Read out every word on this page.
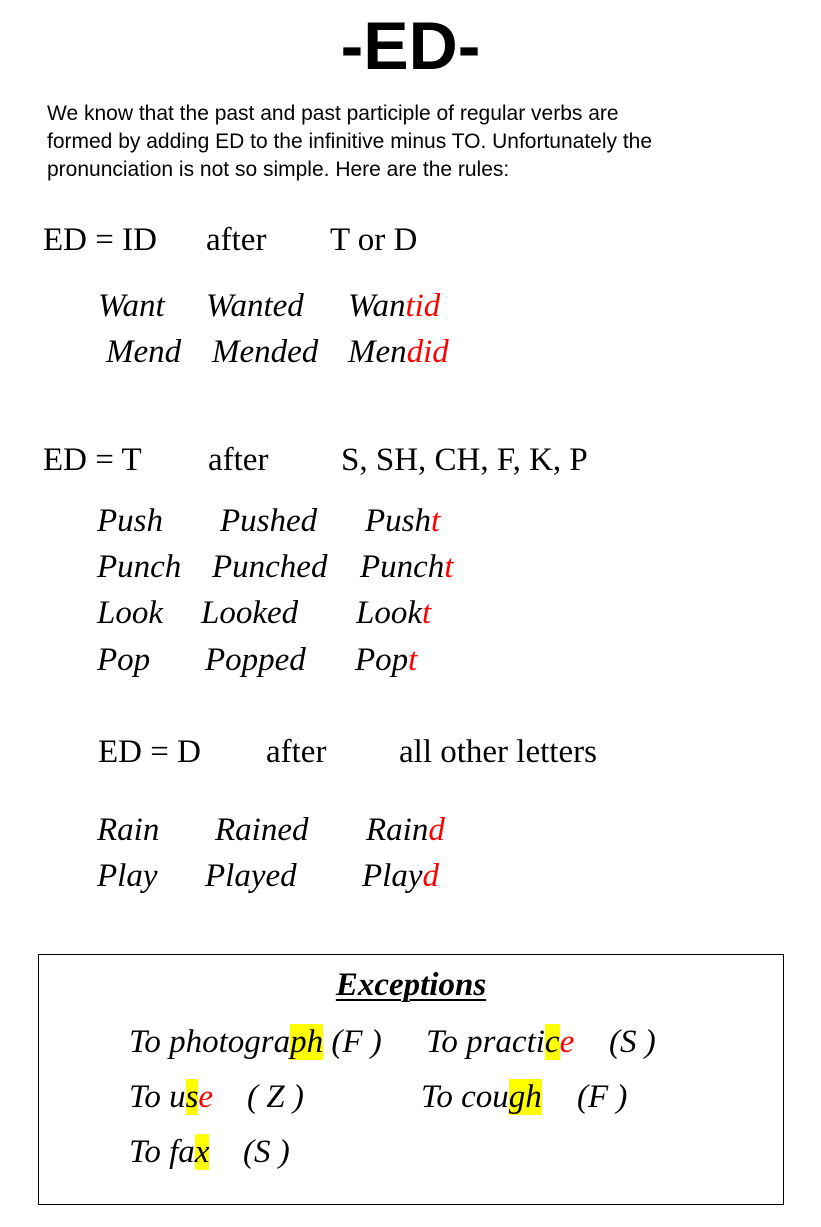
-ED-
We know that the past and past participle of regular verbs are
formed by adding ED to the infinitive minus TO. Unfortunately the
pronunciation is not so simple. Here are the rules:
ED = ID after T or D
Want Wanted Wantid
Mend Mended Mendid
ED = T after S, SH, CH, F, K, P
Push Pushed Pusht
Punch Punched Puncht
Look Looked Lookt
Pop Popped Popt
ED = D after all other letters
Rain Rained Raind
Play Played Playd
Exceptions
To photograph (F ) To practice (S )
To use ( Z )	To cough (F )
To fax (S )
